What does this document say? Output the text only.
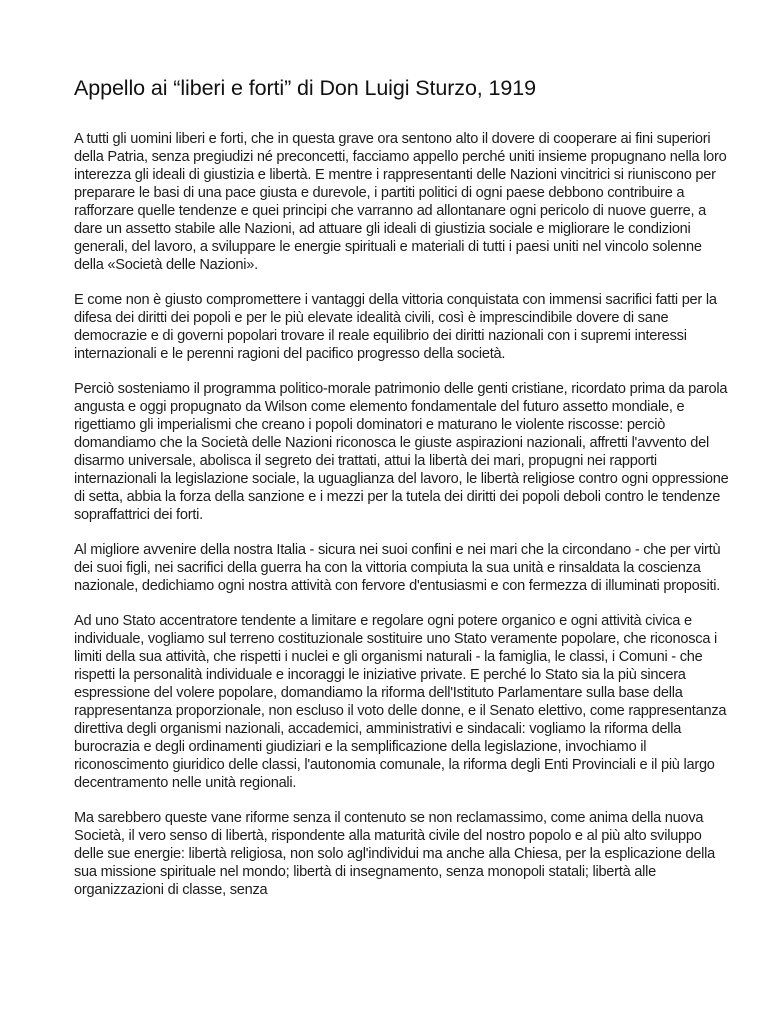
Appello ai “liberi e forti” di Don Luigi Sturzo, 1919

A tutti gli uomini liberi e forti, che in questa grave ora sentono alto il dovere di cooperare ai fini superiori della Patria, senza pregiudizi né preconcetti, facciamo appello perché uniti insieme propugnano nella loro interezza gli ideali di giustizia e libertà. E mentre i rappresentanti delle Nazioni vincitrici si riuniscono per preparare le basi di una pace giusta e durevole, i partiti politici di ogni paese debbono contribuire a rafforzare quelle tendenze e quei principi che varranno ad allontanare ogni pericolo di nuove guerre, a dare un assetto stabile alle Nazioni, ad attuare gli ideali di giustizia sociale e migliorare le condizioni generali, del lavoro, a sviluppare le energie spirituali e materiali di tutti i paesi uniti nel vincolo solenne della «Società delle Nazioni».

E come non è giusto compromettere i vantaggi della vittoria conquistata con immensi sacrifici fatti per la difesa dei diritti dei popoli e per le più elevate idealità civili, così è imprescindibile dovere di sane democrazie e di governi popolari trovare il reale equilibrio dei diritti nazionali con i supremi interessi internazionali e le perenni ragioni del pacifico progresso della società.

Perciò sosteniamo il programma politico-morale patrimonio delle genti cristiane, ricordato prima da parola angusta e oggi propugnato da Wilson come elemento fondamentale del futuro assetto mondiale, e rigettiamo gli imperialismi che creano i popoli dominatori e maturano le violente riscosse: perciò domandiamo che la Società delle Nazioni riconosca le giuste aspirazioni nazionali, affretti l'avvento del disarmo universale, abolisca il segreto dei trattati, attui la libertà dei mari, propugni nei rapporti internazionali la legislazione sociale, la uguaglianza del lavoro, le libertà religiose contro ogni oppressione di setta, abbia la forza della sanzione e i mezzi per la tutela dei diritti dei popoli deboli contro le tendenze sopraffattrici dei forti.

Al migliore avvenire della nostra Italia - sicura nei suoi confini e nei mari che la circondano - che per virtù dei suoi figli, nei sacrifici della guerra ha con la vittoria compiuta la sua unità e rinsaldata la coscienza nazionale, dedichiamo ogni nostra attività con fervore d'entusiasmi e con fermezza di illuminati propositi.

Ad uno Stato accentratore tendente a limitare e regolare ogni potere organico e ogni attività civica e individuale, vogliamo sul terreno costituzionale sostituire uno Stato veramente popolare, che riconosca i limiti della sua attività, che rispetti i nuclei e gli organismi naturali - la famiglia, le classi, i Comuni - che rispetti la personalità individuale e incoraggi le iniziative private. E perché lo Stato sia la più sincera espressione del volere popolare, domandiamo la riforma dell'Istituto Parlamentare sulla base della rappresentanza proporzionale, non escluso il voto delle donne, e il Senato elettivo, come rappresentanza direttiva degli organismi nazionali, accademici, amministrativi e sindacali: vogliamo la riforma della burocrazia e degli ordinamenti giudiziari e la semplificazione della legislazione, invochiamo il riconoscimento giuridico delle classi, l'autonomia comunale, la riforma degli Enti Provinciali e il più largo decentramento nelle unità regionali.

Ma sarebbero queste vane riforme senza il contenuto se non reclamassimo, come anima della nuova Società, il vero senso di libertà, rispondente alla maturità civile del nostro popolo e al più alto sviluppo delle sue energie: libertà religiosa, non solo agl'individui ma anche alla Chiesa, per la esplicazione della sua missione spirituale nel mondo; libertà di insegnamento, senza monopoli statali; libertà alle organizzazioni di classe, senza
